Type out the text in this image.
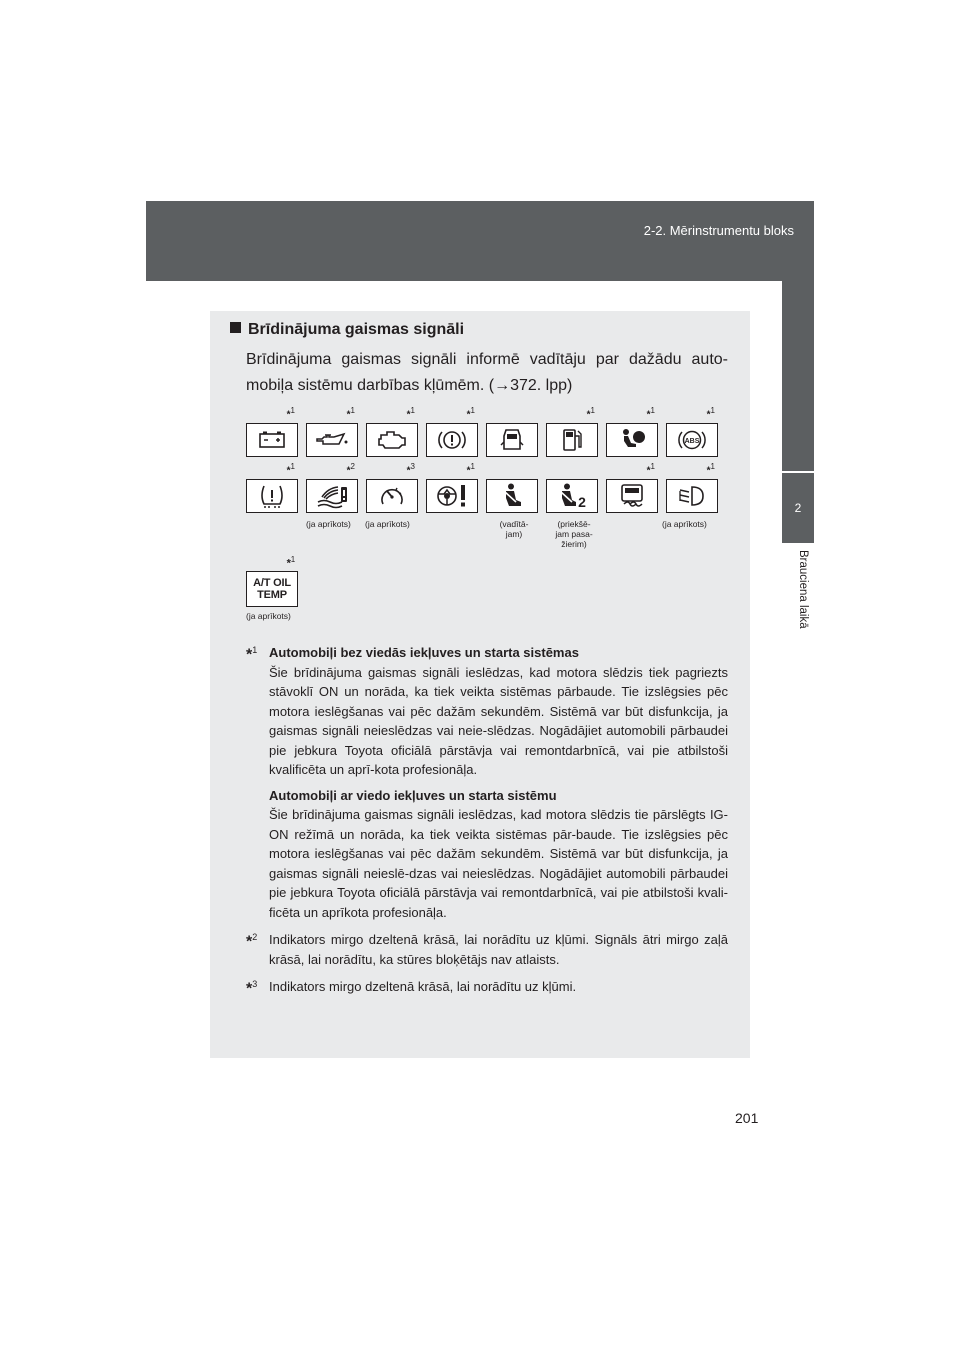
2-2. Mērinstrumentu bloks
2
Brauciena laikā
Brīdinājuma gaismas signāli
Brīdinājuma gaismas signāli informē vadītāju par dažādu auto-mobiļa sistēmu darbības kļūmēm. (→372. lpp)
*$^1$	*$^1$	*$^1$	*$^1$	*$^1$	*$^1$	*$^1$
ABS
*$^1$	*$^2$	*$^3$	*$^1$
2
*$^1$	*$^1$
(ja aprīkots) (ja aprīkots)	(vadītā-
jam)
(priekšē-
jam pasa-
žierim)
(ja aprīkots)
*$^1$
A/T OIL
TEMP
(ja aprīkots)
*$^1$ Automobiļi bez viedās iekļuves un starta sistēmas

Šie brīdinājuma gaismas signāli ieslēdzas, kad motora slēdzis tiek pagriezts stāvoklī ON un norāda, ka tiek veikta sistēmas pārbaude. Tie izslēgsies pēc motora ieslēgšanas vai pēc dažām sekundēm. Sistēmā var būt disfunkcija, ja gaismas signāli neieslēdzas vai neie-slēdzas. Nogādājiet automobili pārbaudei pie jebkura Toyota oficiālā pārstāvja vai remontdarbnīcā, vai pie atbilstoši kvalificēta un aprī-kota profesionāļa.

Automobiļi ar viedo iekļuves un starta sistēmu

Šie brīdinājuma gaismas signāli ieslēdzas, kad motora slēdzis tie pārslēgts IG-ON režīmā un norāda, ka tiek veikta sistēmas pār-baude. Tie izslēgsies pēc motora ieslēgšanas vai pēc dažām sekundēm. Sistēmā var būt disfunkcija, ja gaismas signāli neieslē-dzas vai neieslēdzas. Nogādājiet automobili pārbaudei pie jebkura Toyota oficiālā pārstāvja vai remontdarbnīcā, vai pie atbilstoši kvali-ficēta un aprīkota profesionāļa.

*$^2$ Indikators mirgo dzeltenā krāsā, lai norādītu uz kļūmi. Signāls ātri mirgo zaļā krāsā, lai norādītu, ka stūres bloķētājs nav atlaists.

*$^3$ Indikators mirgo dzeltenā krāsā, lai norādītu uz kļūmi.

201
